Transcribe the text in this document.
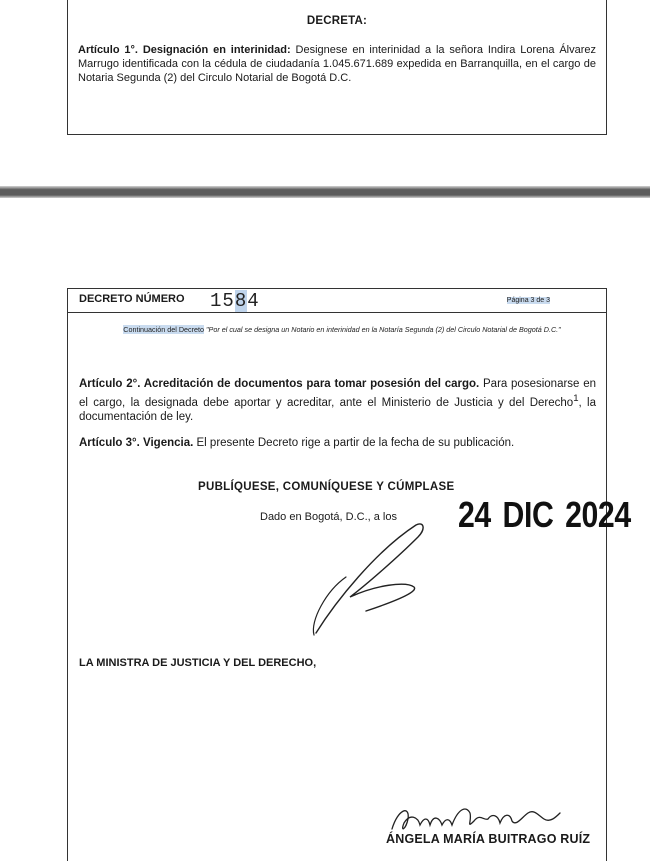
DECRETA:

Artículo 1°. Designación en interinidad: Designese en interinidad a la señora Indira Lorena Álvarez Marrugo identificada con la cédula de ciudadanía 1.045.671.689 expedida en Barranquilla, en el cargo de Notaria Segunda (2) del Circulo Notarial de Bogotá D.C.

DECRETO NÚMERO 1584	Página 3 de 3
Continuación del Decreto "Por el cual se designa un Notario en interinidad en la Notaría Segunda (2) del Circulo Notarial de Bogotá D.C."

Artículo 2°. Acreditación de documentos para tomar posesión del cargo. Para posesionarse en el cargo, la designada debe aportar y acreditar, ante el Ministerio de Justicia y del Derecho$^1$, la documentación de ley.

Artículo 3°. Vigencia. El presente Decreto rige a partir de la fecha de su publicación.

PUBLÍQUESE, COMUNÍQUESE Y CÚMPLASE
Dado en Bogotá, D.C., a los 24 DIC 2024
LA MINISTRA DE JUSTICIA Y DEL DERECHO,
ÁNGELA MARÍA BUITRAGO RUÍZ
